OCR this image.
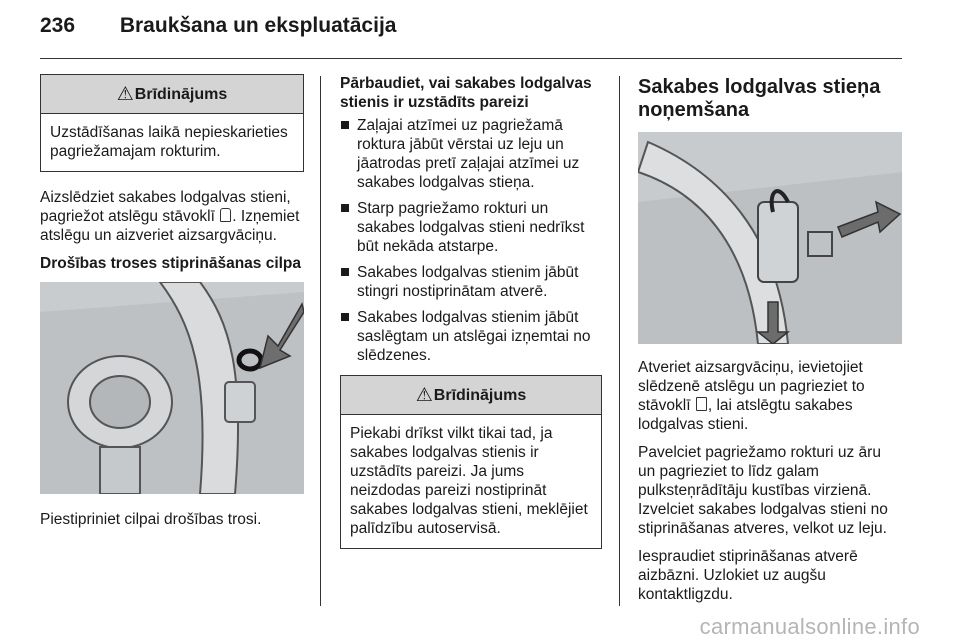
236 Braukšana un ekspluatācija
⚠ Brīdinājums
Uzstādīšanas laikā nepieskarieties pagriežamajam rokturim.

Aizslēdziet sakabes lodgalvas stieni, pagriežot atslēgu stāvoklī . Izņemiet atslēgu un aizveriet aizsargvāciņu.

Drošības troses stiprināšanas cilpa

Piestipriniet cilpai drošības trosi.

Pārbaudiet, vai sakabes lodgalvas stienis ir uzstādīts pareizi

Zaļajai atzīmei uz pagriežamā roktura jābūt vērstai uz leju un jāatrodas pretī zaļajai atzīmei uz sakabes lodgalvas stieņa.
Starp pagriežamo rokturi un sakabes lodgalvas stieni nedrīkst būt nekāda atstarpe.
Sakabes lodgalvas stienim jābūt stingri nostiprinātam atverē.
Sakabes lodgalvas stienim jābūt saslēgtam un atslēgai izņemtai no slēdzenes.
⚠ Brīdinājums
Piekabi drīkst vilkt tikai tad, ja sakabes lodgalvas stienis ir uzstādīts pareizi. Ja jums neizdodas pareizi nostiprināt sakabes lodgalvas stieni, meklējiet palīdzību autoservisā.
Sakabes lodgalvas stieņa noņemšana

Atveriet aizsargvāciņu, ievietojiet slēdzenē atslēgu un pagrieziet to stāvoklī , lai atslēgtu sakabes lodgalvas stieni.

Pavelciet pagriežamo rokturi uz āru un pagrieziet to līdz galam pulksteņrādītāju kustības virzienā. Izvelciet sakabes lodgalvas stieni no stiprināšanas atveres, velkot uz leju.

Iespraudiet stiprināšanas atverē aizbāzni. Uzlokiet uz augšu kontaktligzdu.

carmanualsonline.info
